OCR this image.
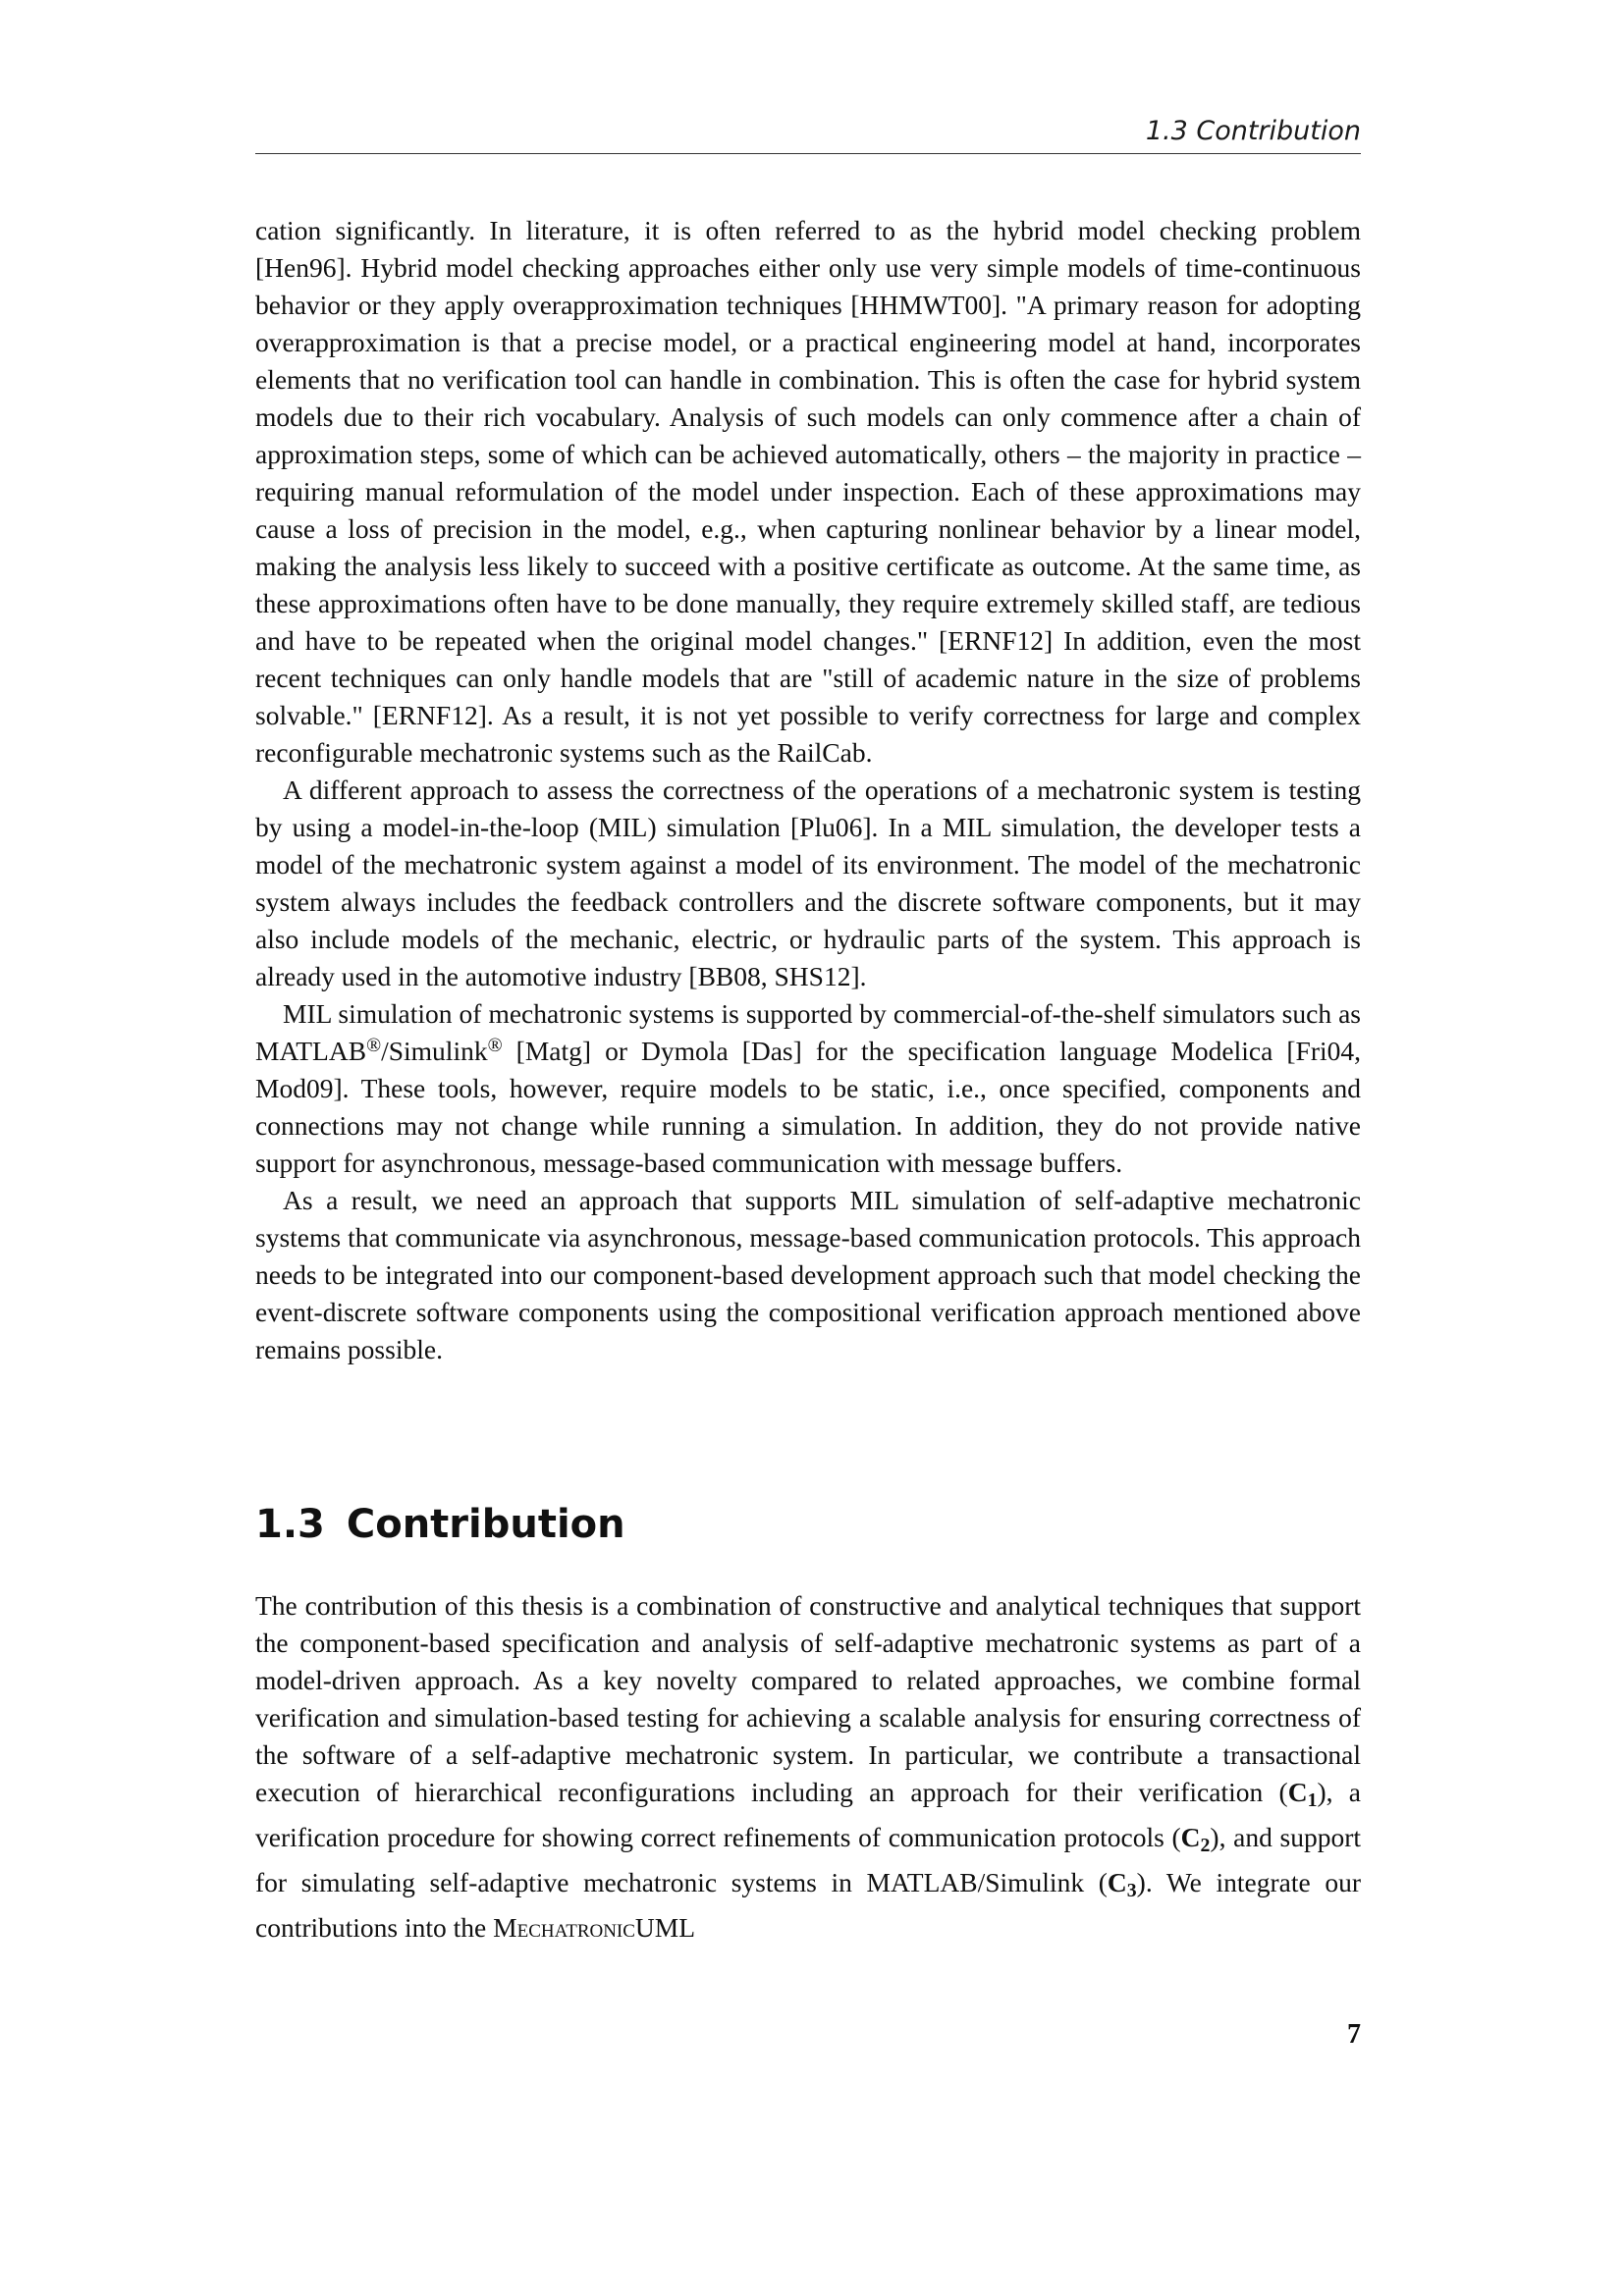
1.3 Contribution

cation significantly. In literature, it is often referred to as the hybrid model checking problem [Hen96]. Hybrid model checking approaches either only use very simple models of time-continuous behavior or they apply overapproximation techniques [HHMWT00]. "A primary reason for adopting overapproximation is that a precise model, or a practical engineering model at hand, incorporates elements that no verification tool can handle in combination. This is often the case for hybrid system models due to their rich vocabulary. Analysis of such models can only commence after a chain of approximation steps, some of which can be achieved automatically, others – the majority in practice – requiring manual reformulation of the model under inspection. Each of these approximations may cause a loss of precision in the model, e.g., when capturing nonlinear behavior by a linear model, making the analysis less likely to succeed with a positive certificate as outcome. At the same time, as these approximations often have to be done manually, they require extremely skilled staff, are tedious and have to be repeated when the original model changes." [ERNF12] In addition, even the most recent techniques can only handle models that are "still of academic nature in the size of problems solvable." [ERNF12]. As a result, it is not yet possible to verify correctness for large and complex reconfigurable mechatronic systems such as the RailCab.

A different approach to assess the correctness of the operations of a mechatronic system is testing by using a model-in-the-loop (MIL) simulation [Plu06]. In a MIL simulation, the developer tests a model of the mechatronic system against a model of its environment. The model of the mechatronic system always includes the feedback controllers and the discrete software components, but it may also include models of the mechanic, electric, or hydraulic parts of the system. This approach is already used in the automotive industry [BB08, SHS12].

MIL simulation of mechatronic systems is supported by commercial-of-the-shelf simulators such as MATLAB®/Simulink® [Matg] or Dymola [Das] for the specification language Modelica [Fri04, Mod09]. These tools, however, require models to be static, i.e., once specified, components and connections may not change while running a simulation. In addition, they do not provide native support for asynchronous, message-based communication with message buffers.

As a result, we need an approach that supports MIL simulation of self-adaptive mechatronic systems that communicate via asynchronous, message-based communication protocols. This approach needs to be integrated into our component-based development approach such that model checking the event-discrete software components using the compositional verification approach mentioned above remains possible.

1.3 Contribution

The contribution of this thesis is a combination of constructive and analytical techniques that support the component-based specification and analysis of self-adaptive mechatronic systems as part of a model-driven approach. As a key novelty compared to related approaches, we combine formal verification and simulation-based testing for achieving a scalable analysis for ensuring correctness of the software of a self-adaptive mechatronic system. In particular, we contribute a transactional execution of hierarchical reconfigurations including an approach for their verification $(C_1)$, a verification procedure for showing correct refinements of communication protocols $(C_2)$, and support for simulating self-adaptive mechatronic systems in MATLAB/Simulink $(C_3)$. We integrate our contributions into the MechatronicUML

7
